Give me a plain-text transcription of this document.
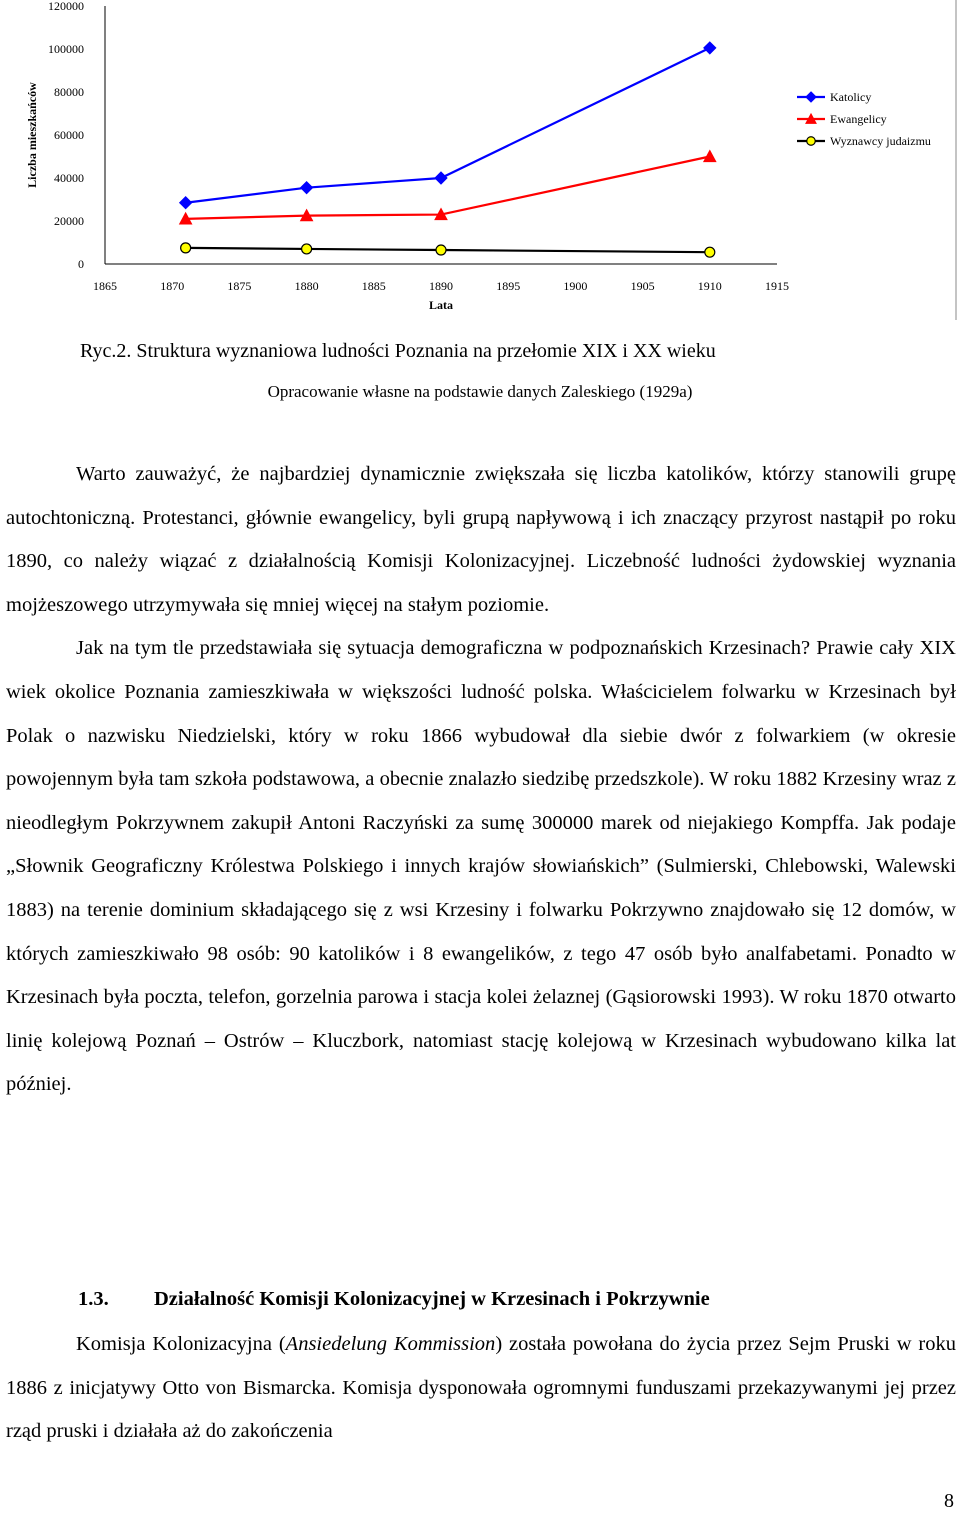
0
20000
40000
60000
80000
100000
120000
1865	1870	1875	1880	1885	1890	1895	1900	1905	1910	1915
Liczba mieszkańców
Lata
Katolicy
Ewangelicy
Wyznawcy judaizmu
Ryc.2. Struktura wyznaniowa ludności Poznania na przełomie XIX i XX wieku
Opracowanie własne na podstawie danych Zaleskiego (1929a)

Warto zauważyć, że najbardziej dynamicznie zwiększała się liczba katolików, którzy stanowili grupę autochtoniczną. Protestanci, głównie ewangelicy, byli grupą napływową i ich znaczący przyrost nastąpił po roku 1890, co należy wiązać z działalnością Komisji Kolonizacyjnej. Liczebność ludności żydowskiej wyznania mojżeszowego utrzymywała się mniej więcej na stałym poziomie.

Jak na tym tle przedstawiała się sytuacja demograficzna w podpoznańskich Krzesinach? Prawie cały XIX wiek okolice Poznania zamieszkiwała w większości ludność polska. Właścicielem folwarku w Krzesinach był Polak o nazwisku Niedzielski, który w roku 1866 wybudował dla siebie dwór z folwarkiem (w okresie powojennym była tam szkoła podstawowa, a obecnie znalazło siedzibę przedszkole). W roku 1882 Krzesiny wraz z nieodległym Pokrzywnem zakupił Antoni Raczyński za sumę 300000 marek od niejakiego Kompffa. Jak podaje „Słownik Geograficzny Królestwa Polskiego i innych krajów słowiańskich” (Sulmierski, Chlebowski, Walewski 1883) na terenie dominium składającego się z wsi Krzesiny i folwarku Pokrzywno znajdowało się 12 domów, w których zamieszkiwało 98 osób: 90 katolików i 8 ewangelików, z tego 47 osób było analfabetami. Ponadto w Krzesinach była poczta, telefon, gorzelnia parowa i stacja kolei żelaznej (Gąsiorowski 1993). W roku 1870 otwarto linię kolejową Poznań – Ostrów – Kluczbork, natomiast stację kolejową w Krzesinach wybudowano kilka lat później.

1.3. Działalność Komisji Kolonizacyjnej w Krzesinach i Pokrzywnie

Komisja Kolonizacyjna (Ansiedelung Kommission) została powołana do życia przez Sejm Pruski w roku 1886 z inicjatywy Otto von Bismarcka. Komisja dysponowała ogromnymi funduszami przekazywanymi jej przez rząd pruski i działała aż do zakończenia

8
